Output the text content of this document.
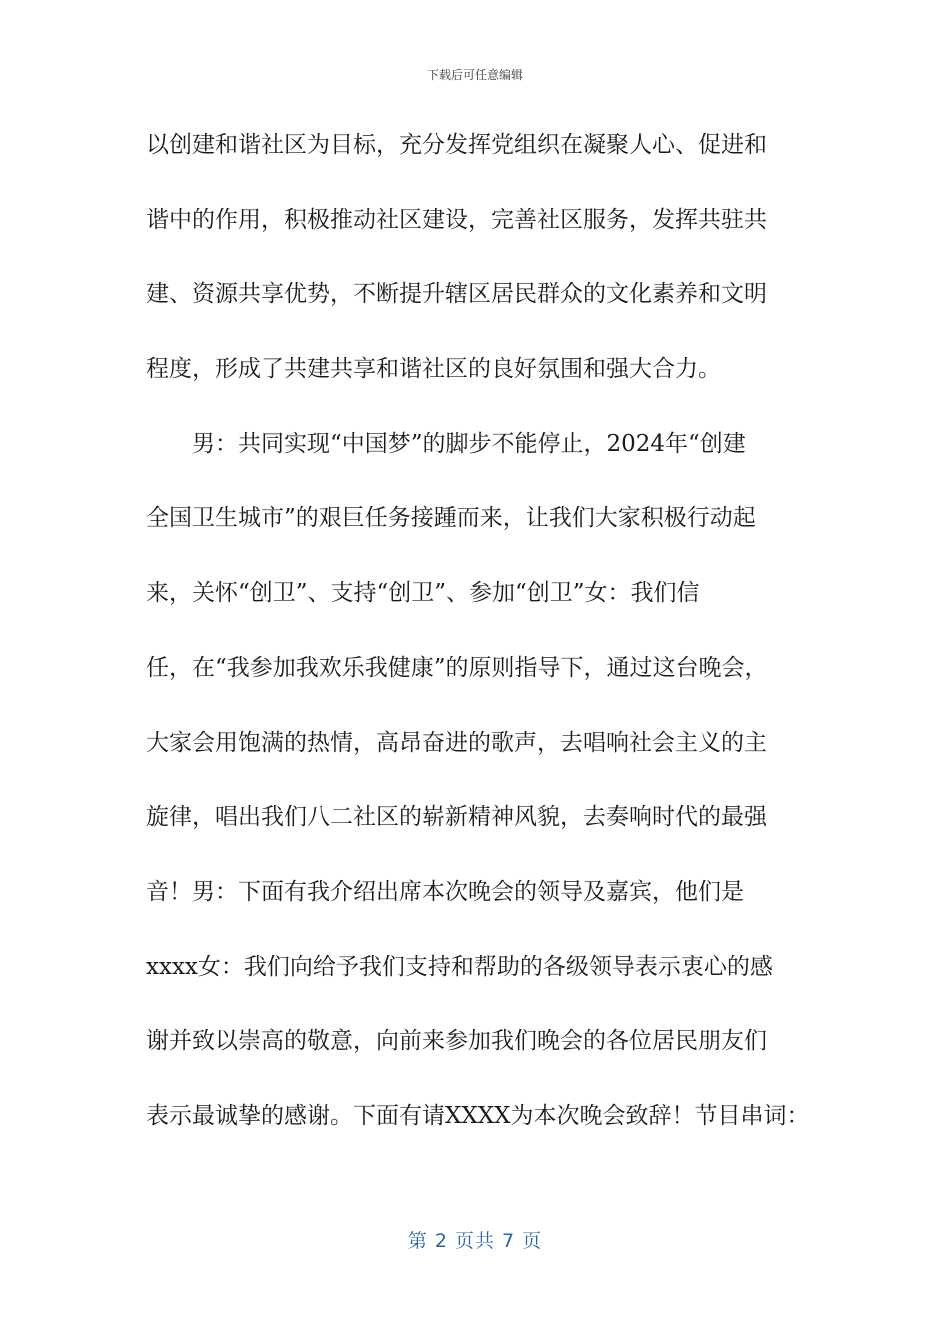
下载后可任意编辑
以创建和谐社区为目标，充分发挥党组织在凝聚人心、促进和
谐中的作用，积极推动社区建设，完善社区服务，发挥共驻共
建、资源共享优势，不断提升辖区居民群众的文化素养和文明
程度，形成了共建共享和谐社区的良好氛围和强大合力。
　　男：共同实现“中国梦”的脚步不能停止，2024年“创建
全国卫生城市”的艰巨任务接踵而来，让我们大家积极行动起
来，关怀“创卫”、支持“创卫”、参加“创卫”女：我们信
任，在“我参加我欢乐我健康”的原则指导下，通过这台晚会，
大家会用饱满的热情，高昂奋进的歌声，去唱响社会主义的主
旋律，唱出我们八二社区的崭新精神风貌，去奏响时代的最强
音！男：下面有我介绍出席本次晚会的领导及嘉宾，他们是
xxxx女：我们向给予我们支持和帮助的各级领导表示衷心的感
谢并致以崇高的敬意，向前来参加我们晚会的各位居民朋友们
表示最诚挚的感谢。下面有请XXXX为本次晚会致辞！节目串词：
第 2 页共 7 页
